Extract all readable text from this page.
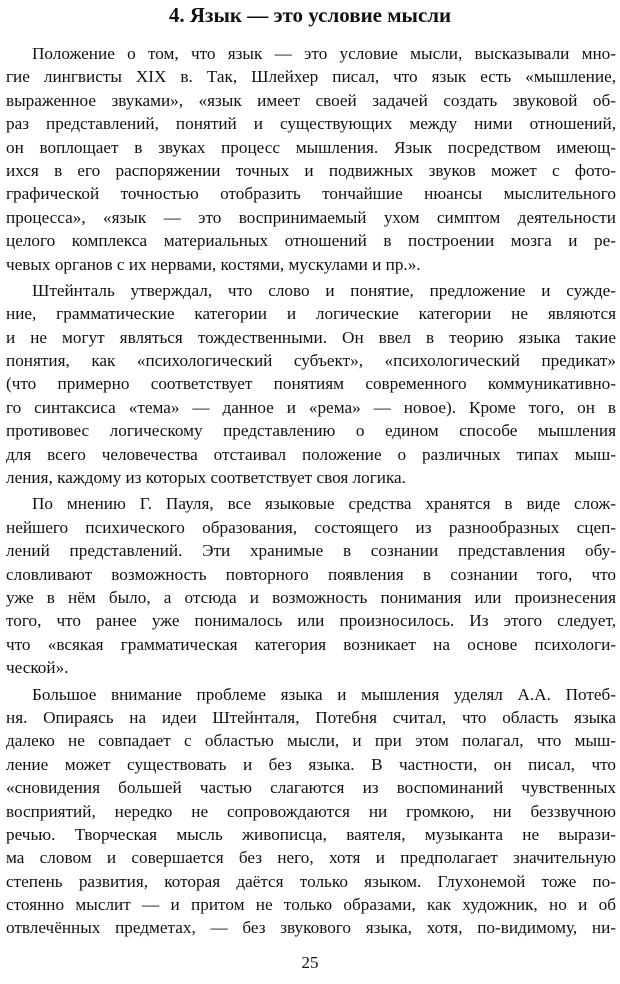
4. Язык — это условие мысли
Положение о том, что язык — это условие мысли, высказывали мно-
гие лингвисты XIX в. Так, Шлейхер писал, что язык есть «мышление,
выраженное звуками», «язык имеет своей задачей создать звуковой об-
раз представлений, понятий и существующих между ними отношений,
он воплощает в звуках процесс мышления. Язык посредством имеющ-
ихся в его распоряжении точных и подвижных звуков может с фото-
графической точностью отобразить тончайшие нюансы мыслительного
процесса», «язык — это воспринимаемый ухом симптом деятельности
целого комплекса материальных отношений в построении мозга и ре-
чевых органов с их нервами, костями, мускулами и пр.».
Штейнталь утверждал, что слово и понятие, предложение и сужде-
ние, грамматические категории и логические категории не являются
и не могут являться тождественными. Он ввел в теорию языка такие
понятия, как «психологический субъект», «психологический предикат»
(что примерно соответствует понятиям современного коммуникативно-
го синтаксиса «тема» — данное и «рема» — новое). Кроме того, он в
противовес логическому представлению о едином способе мышления
для всего человечества отстаивал положение о различных типах мыш-
ления, каждому из которых соответствует своя логика.
По мнению Г. Пауля, все языковые средства хранятся в виде слож-
нейшего психического образования, состоящего из разнообразных сцеп-
лений представлений. Эти хранимые в сознании представления обу-
словливают возможность повторного появления в сознании того, что
уже в нём было, а отсюда и возможность понимания или произнесения
того, что ранее уже понималось или произносилось. Из этого следует,
что «всякая грамматическая категория возникает на основе психологи-
ческой».
Большое внимание проблеме языка и мышления уделял А.А. Потеб-
ня. Опираясь на идеи Штейнталя, Потебня считал, что область языка
далеко не совпадает с областью мысли, и при этом полагал, что мыш-
ление может существовать и без языка. В частности, он писал, что
«сновидения большей частью слагаются из воспоминаний чувственных
восприятий, нередко не сопровождаются ни громкою, ни беззвучною
речью. Творческая мысль живописца, ваятеля, музыканта не вырази-
ма словом и совершается без него, хотя и предполагает значительную
степень развития, которая даётся только языком. Глухонемой тоже по-
стоянно мыслит — и притом не только образами, как художник, но и об
отвлечённых предметах, — без звукового языка, хотя, по-видимому, ни-
25
